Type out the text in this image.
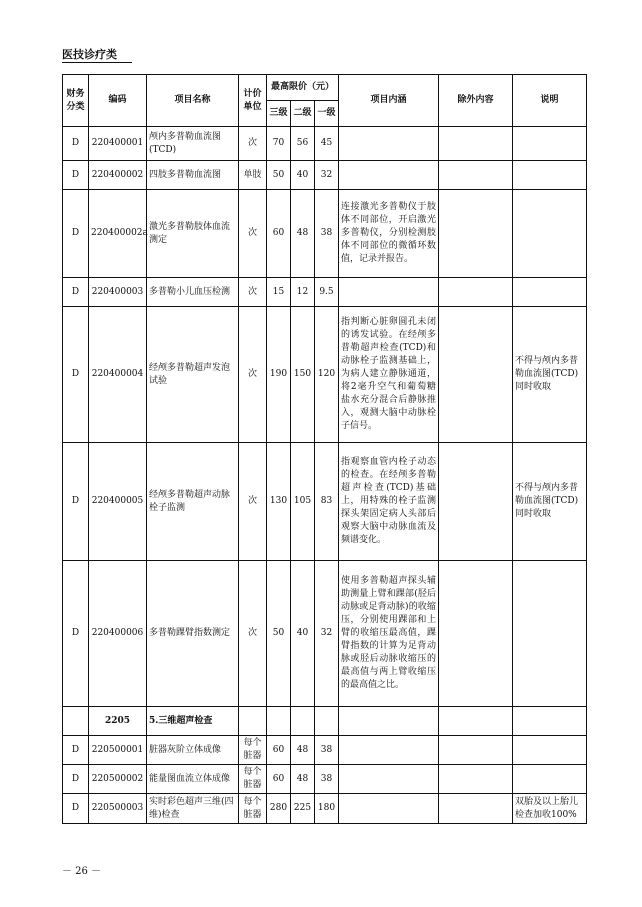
医技诊疗类
财务分类	编码	项目名称	计价单位	最高限价（元）			项目内涵	除外内容	说明
				三级	二级	一级			
D	220400001	颅内多普勒血流图(TCD)	次	70	56	45			
D	220400002	四肢多普勒血流图	单肢	50	40	32			
D	220400002a	激光多普勒肢体血流测定	次	60	48	38	连接激光多普勒仪于肢体不同部位，开启激光多普勒仪，分别检测肢体不同部位的微循环数值，记录并报告。		
D	220400003	多普勒小儿血压检测	次	15	12	9.5			
D	220400004	经颅多普勒超声发泡试验	次	190	150	120	指判断心脏卵圆孔未闭的诱发试验。在经颅多普勒超声检查(TCD)和动脉栓子监测基础上，为病人建立静脉通道，将2毫升空气和葡萄糖盐水充分混合后静脉推入，观测大脑中动脉栓子信号。		不得与颅内多普勒血流图(TCD)同时收取
D	220400005	经颅多普勒超声动脉栓子监测	次	130	105	83	指观察血管内栓子动态的检查。在经颅多普勒超声检查(TCD)基础上，用特殊的栓子监测探头架固定病人头部后观察大脑中动脉血流及频谱变化。		不得与颅内多普勒血流图(TCD)同时收取
D	220400006	多普勒踝臂指数测定	次	50	40	32	使用多普勒超声探头辅助测量上臂和踝部(胫后动脉或足背动脉)的收缩压，分别使用踝部和上臂的收缩压最高值，踝臂指数的计算为足背动脉或胫后动脉收缩压的最高值与两上臂收缩压的最高值之比。		
	2205	5.三维超声检查							
D	220500001	脏器灰阶立体成像	每个脏器	60	48	38			
D	220500002	能量图血流立体成像	每个脏器	60	48	38			
D	220500003	实时彩色超声三维(四维)检查	每个脏器	280	225	180			双胎及以上胎儿检查加收100%
－ 26 －
